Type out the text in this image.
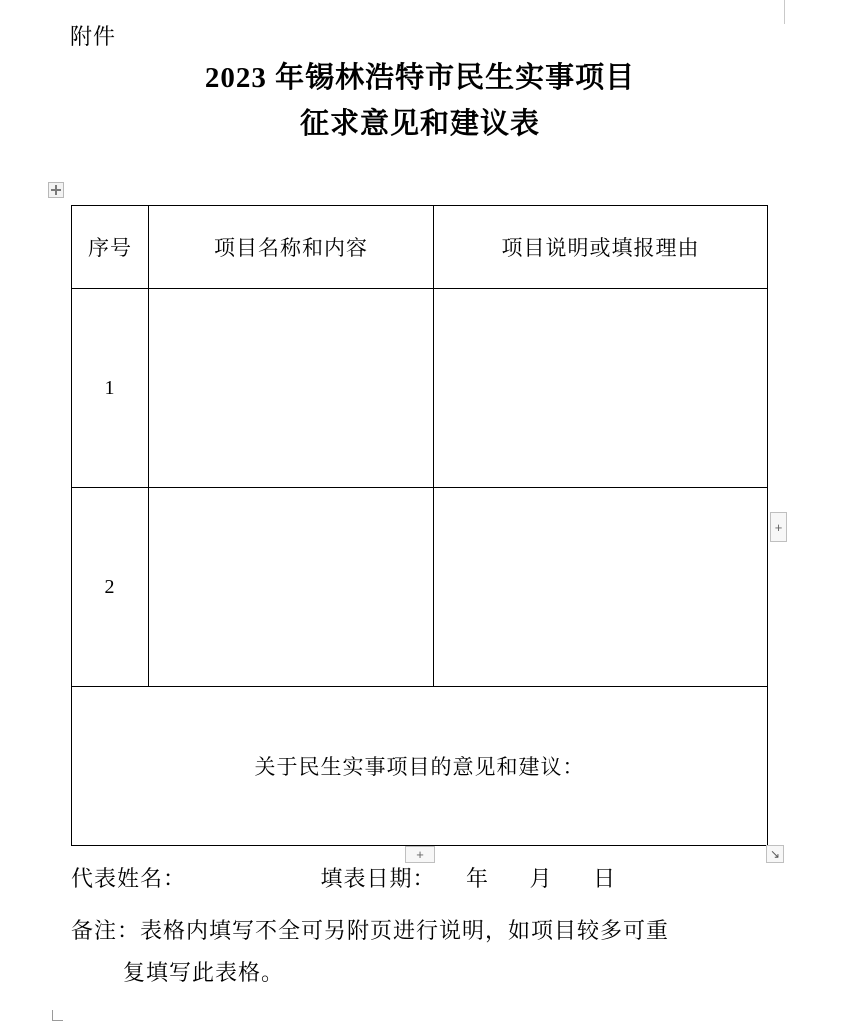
附件
2023 年锡林浩特市民生实事项目
征求意见和建议表
序号	项目名称和内容	项目说明或填报理由
1		
2		
关于民生实事项目的意见和建议：		
+
+	↘
代表姓名：	填表日期： 年 月 日
备注：表格内填写不全可另附页进行说明，如项目较多可重
复填写此表格。
